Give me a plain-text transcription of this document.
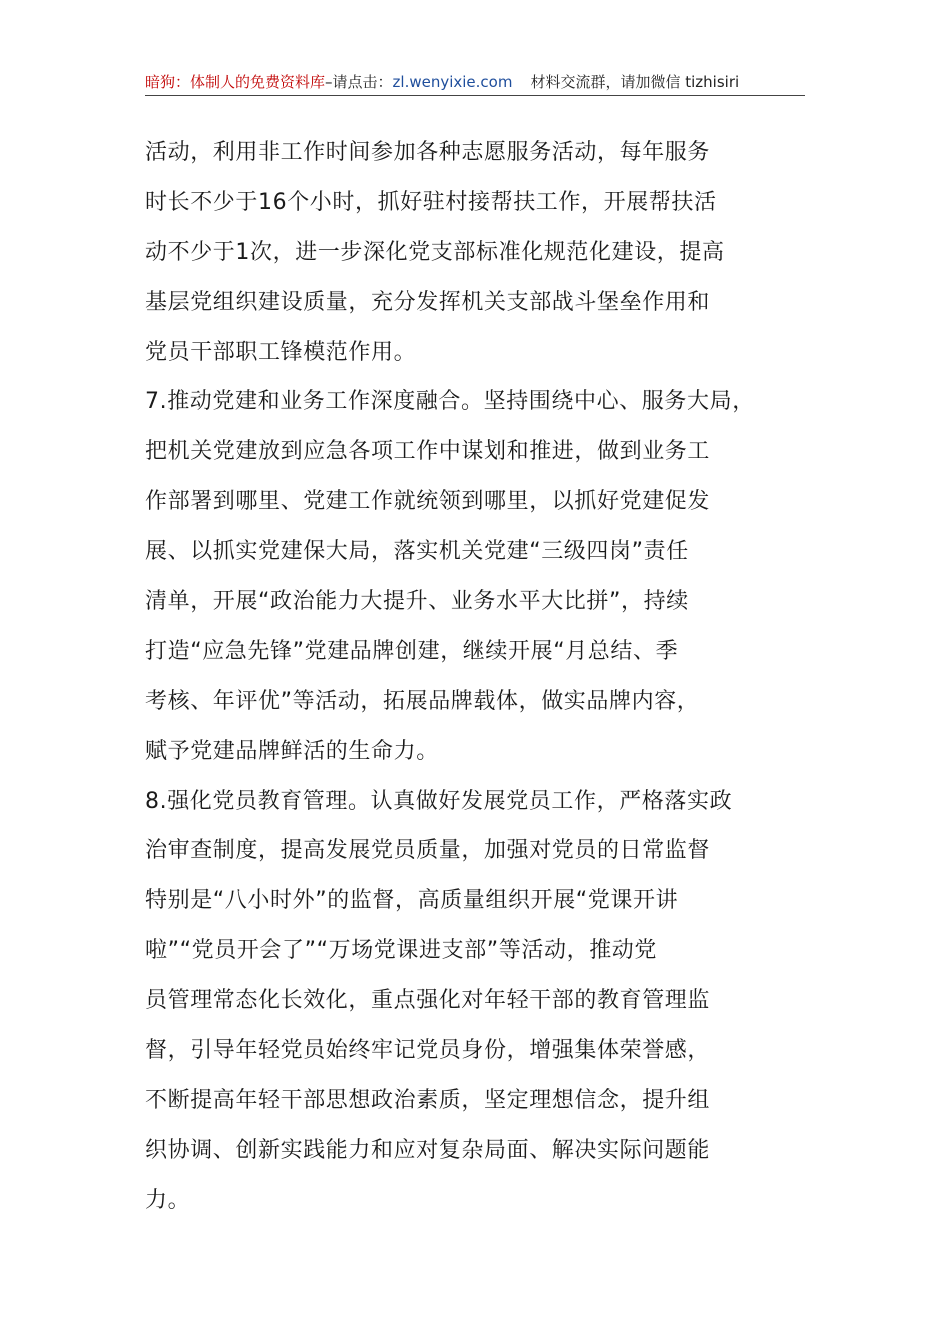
暗狗：体制人的免费资料库 –请点击： zl.wenyixie.com 材料交流群，请加微信 tizhisiri
活动，利用非工作时间参加各种志愿服务活动，每年服务
时长不少于16个小时，抓好驻村接帮扶工作，开展帮扶活
动不少于1次，进一步深化党支部标准化规范化建设，提高
基层党组织建设质量，充分发挥机关支部战斗堡垒作用和
党员干部职工锋模范作用。
7.推动党建和业务工作深度融合。坚持围绕中心、服务大局，
把机关党建放到应急各项工作中谋划和推进，做到业务工
作部署到哪里、党建工作就统领到哪里，以抓好党建促发
展、以抓实党建保大局，落实机关党建“三级四岗”责任
清单，开展“政治能力大提升、业务水平大比拼”，持续
打造“应急先锋”党建品牌创建，继续开展“月总结、季
考核、年评优”等活动，拓展品牌载体，做实品牌内容，
赋予党建品牌鲜活的生命力。
8.强化党员教育管理。认真做好发展党员工作，严格落实政
治审查制度，提高发展党员质量，加强对党员的日常监督
特别是“八小时外”的监督，高质量组织开展“党课开讲
啦”“党员开会了”“万场党课进支部”等活动，推动党
员管理常态化长效化，重点强化对年轻干部的教育管理监
督，引导年轻党员始终牢记党员身份，增强集体荣誉感，
不断提高年轻干部思想政治素质，坚定理想信念，提升组
织协调、创新实践能力和应对复杂局面、解决实际问题能
力。
